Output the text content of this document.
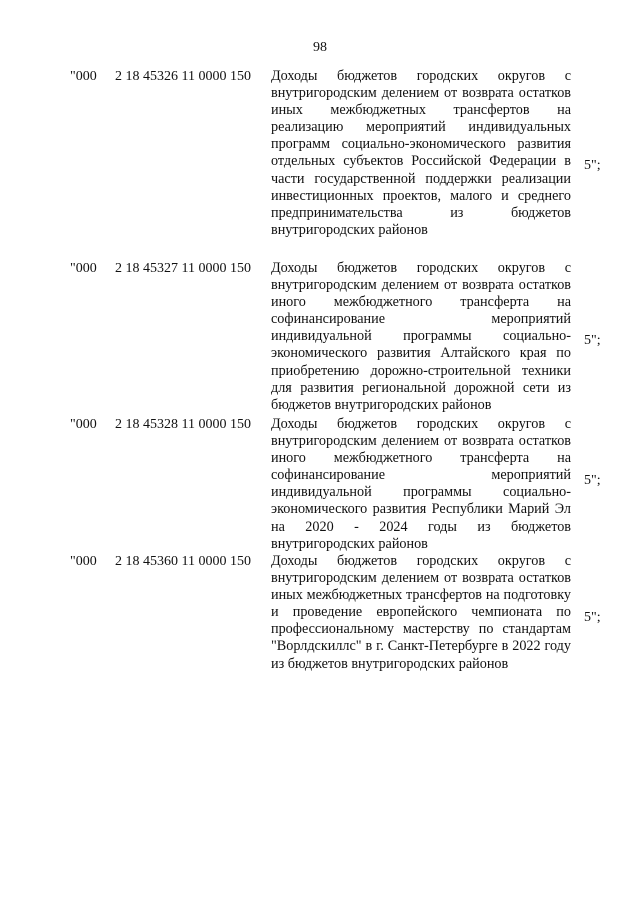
98
"000 2 18 45326 11 0000 150 Доходы бюджетов городских округов с внутригородским делением от возврата остатков иных межбюджетных трансфертов на реализацию мероприятий индивидуальных программ социально-экономического развития отдельных субъектов Российской Федерации в части государственной поддержки реализации инвестиционных проектов, малого и среднего предпринимательства из бюджетов внутригородских районов
5";
"000 2 18 45327 11 0000 150 Доходы бюджетов городских округов с внутригородским делением от возврата остатков иного межбюджетного трансферта на софинансирование мероприятий индивидуальной программы социально-экономического развития Алтайского края по приобретению дорожно-строительной техники для развития региональной дорожной сети из бюджетов внутригородских районов
5";
"000 2 18 45328 11 0000 150 Доходы бюджетов городских округов с внутригородским делением от возврата остатков иного межбюджетного трансферта на софинансирование мероприятий индивидуальной программы социально-экономического развития Республики Марий Эл на 2020 - 2024 годы из бюджетов внутригородских районов
5";
"000 2 18 45360 11 0000 150 Доходы бюджетов городских округов с внутригородским делением от возврата остатков иных межбюджетных трансфертов на подготовку и проведение европейского чемпионата по профессиональному мастерству по стандартам "Ворлдскиллс" в г. Санкт-Петербурге в 2022 году из бюджетов внутригородских районов
5";
